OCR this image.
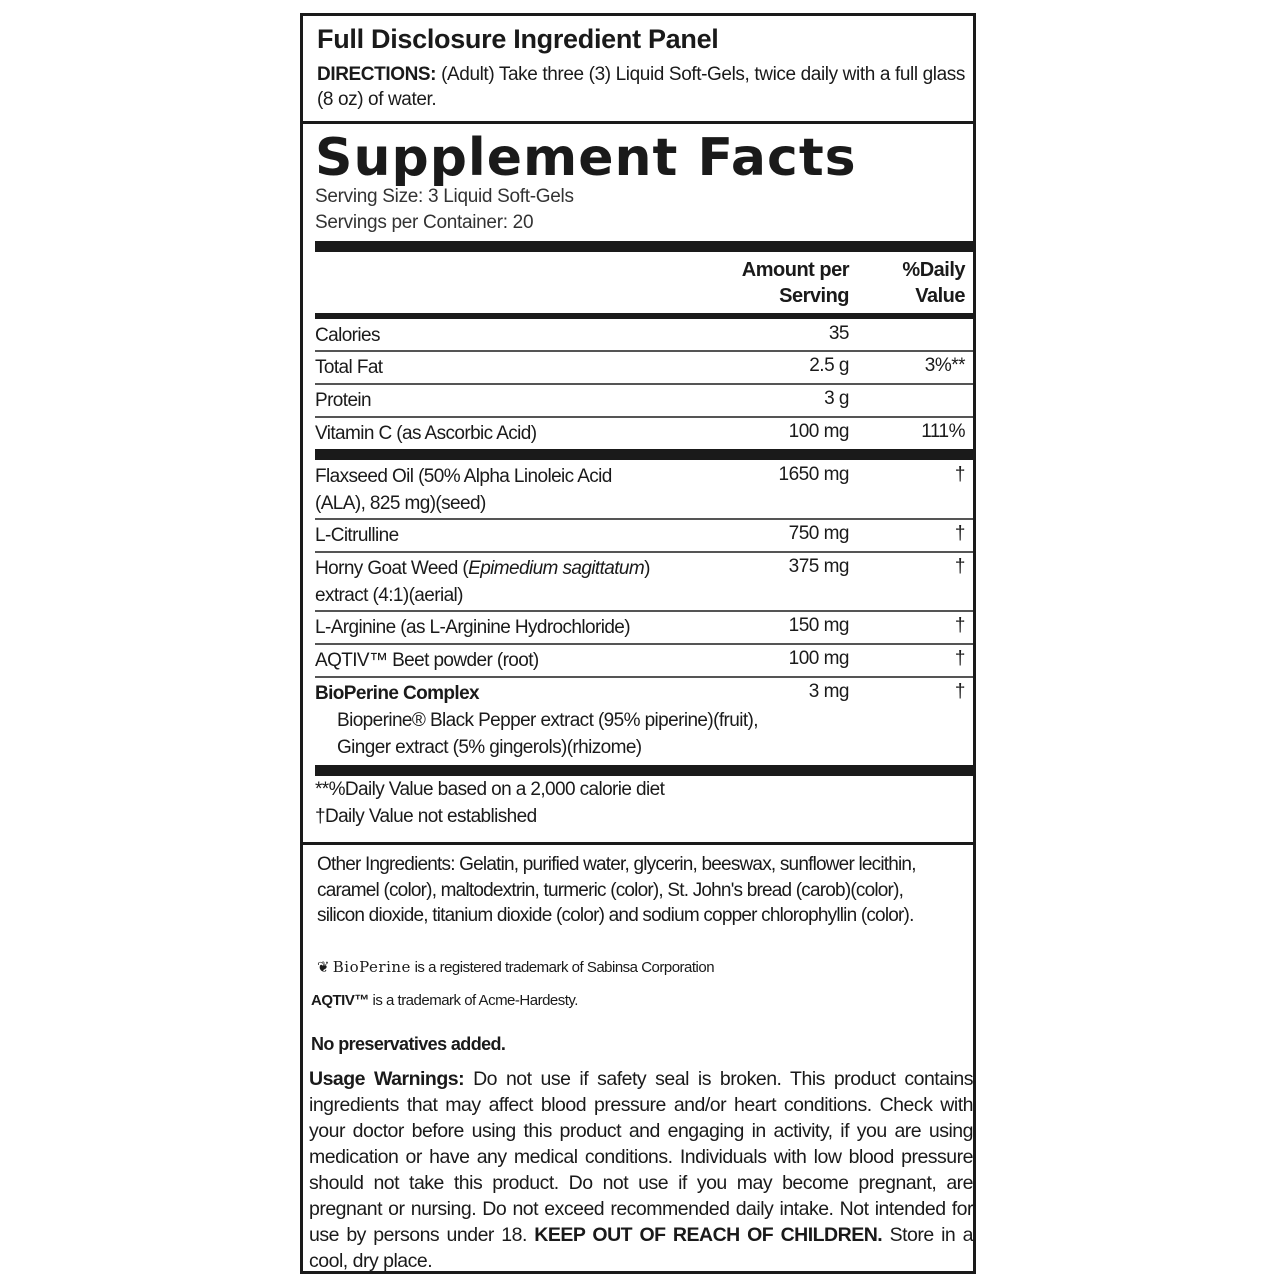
Full Disclosure Ingredient Panel
DIRECTIONS: (Adult) Take three (3) Liquid Soft-Gels, twice daily with a full glass (8 oz) of water.
Supplement Facts
Serving Size: 3 Liquid Soft-Gels
Servings per Container: 20
Amount per
Serving
%Daily
Value
Calories	35
Total Fat	2.5 g	3%**
Protein	3 g
Vitamin C (as Ascorbic Acid)	100 mg	111%
Flaxseed Oil (50% Alpha Linoleic Acid
(ALA), 825 mg)(seed)
1650 mg	†
L-Citrulline	750 mg	†
Horny Goat Weed (Epimedium sagittatum)
extract (4:1)(aerial)
375 mg	†
L-Arginine (as L-Arginine Hydrochloride)	150 mg	†
AQTIV™ Beet powder (root)	100 mg	†
BioPerine Complex	3 mg	†
Bioperine® Black Pepper extract (95% piperine)(fruit),
Ginger extract (5% gingerols)(rhizome)
**%Daily Value based on a 2,000 calorie diet
†Daily Value not established
Other Ingredients: Gelatin, purified water, glycerin, beeswax, sunflower lecithin, caramel (color), maltodextrin, turmeric (color), St. John's bread (carob)(color), silicon dioxide, titanium dioxide (color) and sodium copper chlorophyllin (color).
❦ BioPerine is a registered trademark of Sabinsa Corporation
AQTIV™ is a trademark of Acme-Hardesty.
No preservatives added.
Usage Warnings: Do not use if safety seal is broken. This product contains ingredients that may affect blood pressure and/or heart conditions. Check with your doctor before using this product and engaging in activity, if you are using medication or have any medical conditions. Individuals with low blood pressure should not take this product. Do not use if you may become pregnant, are pregnant or nursing. Do not exceed recommended daily intake. Not intended for use by persons under 18. KEEP OUT OF REACH OF CHILDREN. Store in a cool, dry place.
